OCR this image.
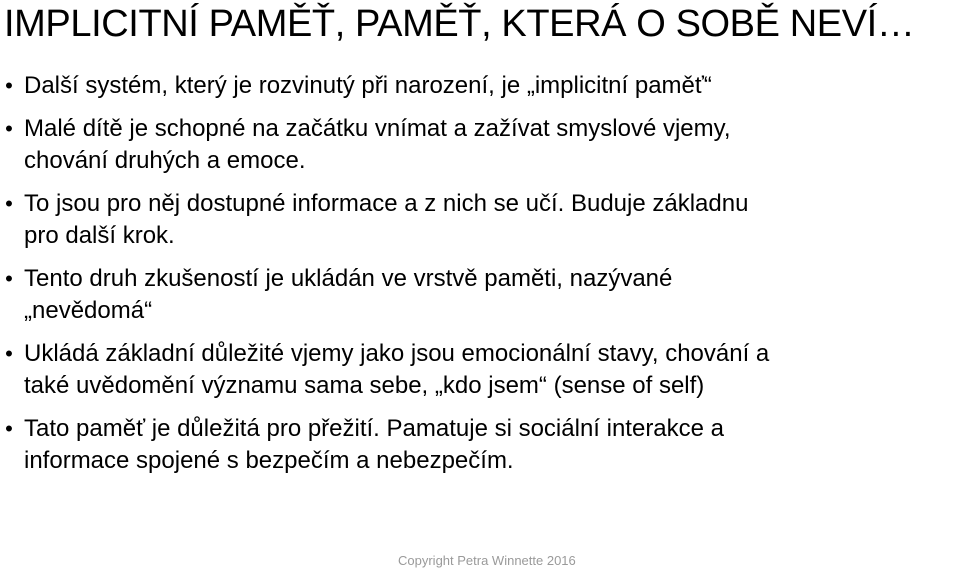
IMPLICITNÍ PAMĚŤ, PAMĚŤ, KTERÁ O SOBĚ NEVÍ…
• Další systém, který je rozvinutý při narození, je „implicitní paměť“
• Malé dítě je schopné na začátku vnímat a zažívat smyslové vjemy,
chování druhých a emoce.
• To jsou pro něj dostupné informace a z nich se učí. Buduje základnu
pro další krok.
• Tento druh zkušeností je ukládán ve vrstvě paměti, nazývané
„nevědomá“
• Ukládá základní důležité vjemy jako jsou emocionální stavy, chování a
také uvědomění významu sama sebe, „kdo jsem“ (sense of self)
• Tato paměť je důležitá pro přežití. Pamatuje si sociální interakce a
informace spojené s bezpečím a nebezpečím.
Copyright Petra Winnette 2016
